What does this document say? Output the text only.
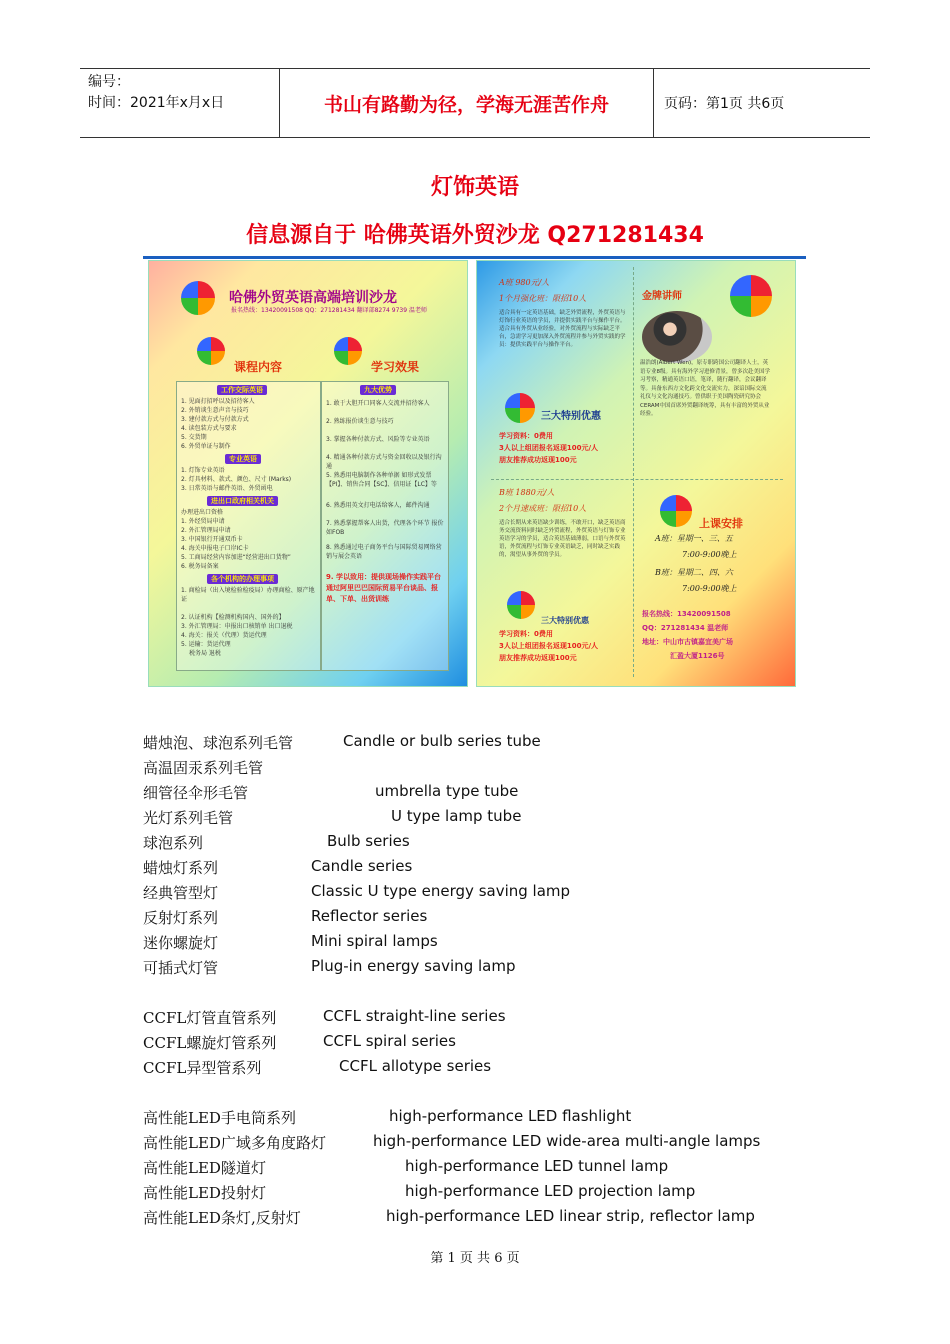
编号：
时间：2021年x月x日	书山有路勤为径，学海无涯苦作舟	页码：第1页 共6页
灯饰英语
信息源自于 哈佛英语外贸沙龙 Q271281434
哈佛外贸英语高端培训沙龙
报名热线：13420091508 QQ：271281434 翻译部8274 9739 温老师
课程内容	学习效果
工作交际英语
1. 见面打招呼以及招待客人
2. 外销谈生意声音与技巧
3. 建付款方式与付款方式
4. 读包装方式与要求
5. 交货期
6. 外贸单证与制作
专业英语
1. 灯饰专业英语
2. 灯具材料、款式、颜色、尺寸 (Marks)
3. 日常英语与邮件英语、外贸函电
进出口政府相关机关
办理进出口资格
1. 外经贸局申请
2. 外汇管理局申请
3. 中国银行开通双币卡
4. 海关申报电子口岸IC卡
5. 工商局经营内容加进“经营进出口货物”
6. 税务局备案
各个机构的办理事项
1. 商检局（出入境检验检疫局）办理商检、原产地证
2. 认证机构【检测机构国内、国外的】
3. 外汇管理局：申报出口核销单 出口退税
4. 海关：报关（代理）货运代理
5. 运输：货运代理
税务局 退税
九大优势
1. 敢于大胆开口同客人交流并招待客人
2. 熟练报价谈生意与技巧
3. 掌握各种付款方式、风险等专业英语
4. 精通各种付款方式与资金回收以及银行沟通
5. 熟悉用电脑制作各种单据 如形式发票【PI】、销售合同【SC】、信用证【LC】等
6. 熟悉用英文打电话给客人，邮件沟通
7. 熟悉掌握帮客人出货，代理各个环节 报价如FOB
8. 熟悉通过电子商务平台与国际贸易网络营销与展会英语
9. 学以致用：提供现场操作实践平台通过阿里巴巴国际贸易平台谈品、报单、下单、出货训练
A班 980元/人
1个月强化班：限招10人
适合具有一定英语基础，缺乏外贸流程，外贸英语与灯饰行业英语的学员，并提供实践平台与操作平台。适合具有外贸从业经验，对外贸流程与实际缺乏平台，急需学习更加深入外贸流程并参与外贸实践的学员：提供实践平台与操作平台。
三大特别优惠
学习资料：0费用
3人以上组团报名返现100元/人
朋友推荐成功返现100元
金牌讲师
温浩朗(Albert Wen)，原专职跨国公司翻译人士，英语专业8级。具有海外学习进修背景，曾多次赴美国学习考察，精通英语口语，笔译，随行翻译，会议翻译等。具备东西方文化跨文化交流实力，深谙国际交流礼仪与文化沟通技巧。曾供职于美国陶瓷研究协会CERAM中国首席外贸翻译统筹，具有丰富的外贸从业经验。
B班 1880元/人
2个月速成班：限招10人
适合长期从来英语缺少训练，不敢开口，缺乏英语商务交流资料同时缺乏外贸流程，外贸英语与灯饰专业英语学习的学员，适合英语基础薄弱，口语与外贸英语，外贸流程与灯饰专业英语缺乏，同时缺乏实践的，渴望从事外贸的学员。
三大特别优惠
学习资料：0费用
3人以上组团报名返现100元/人
朋友推荐成功返现100元
上课安排
A班：星期一、三、五
7:00-9:00晚上
B班：星期二、四、六
7:00-9:00晚上
报名热线：13420091508
QQ：271281434 温老师
地址：中山市古镇嘉宜美广场
汇盈大厦1126号
蜡烛泡、球泡系列毛管	Candle or bulb series tube
高温固汞系列毛管
细管径伞形毛管	umbrella type tube
光灯系列毛管	U type lamp tube
球泡系列	Bulb series
蜡烛灯系列	Candle series
经典管型灯	Classic U type energy saving lamp
反射灯系列	Reflector series
迷你螺旋灯	Mini spiral lamps
可插式灯管	Plug-in energy saving lamp
CCFL灯管直管系列	CCFL straight-line series
CCFL螺旋灯管系列	CCFL spiral series
CCFL异型管系列	CCFL allotype series
高性能LED手电筒系列	high-performance LED flashlight
高性能LED广域多角度路灯	high-performance LED wide-area multi-angle lamps
高性能LED隧道灯	high-performance LED tunnel lamp
高性能LED投射灯	high-performance LED projection lamp
高性能LED条灯,反射灯	high-performance LED linear strip, reflector lamp
第 1 页 共 6 页
